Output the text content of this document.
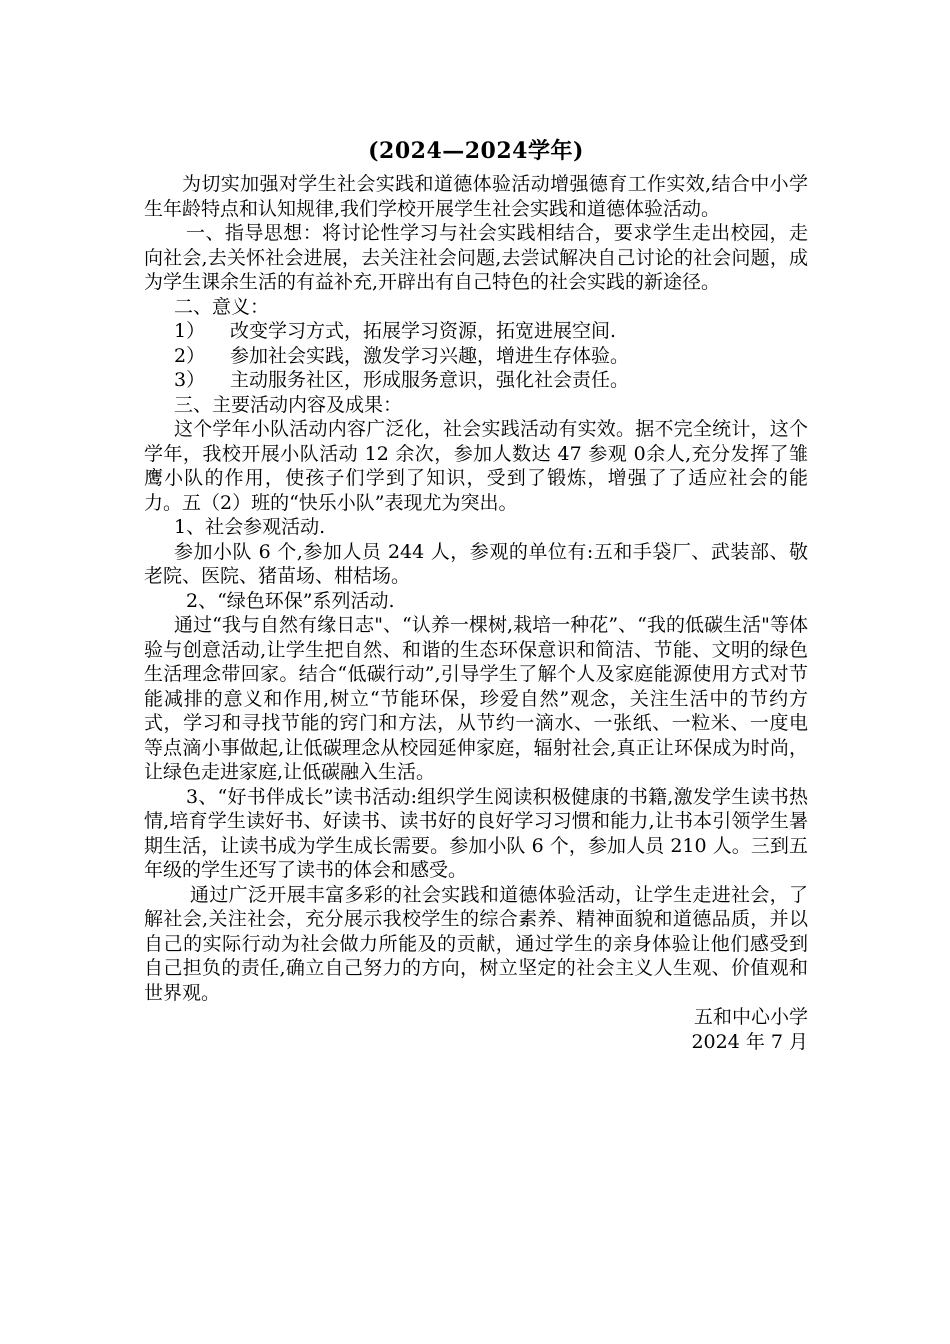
(2024—2024学年)

为切实加强对学生社会实践和道德体验活动增强德育工作实效,结合中小学生年龄特点和认知规律,我们学校开展学生社会实践和道德体验活动。

一、指导思想：将讨论性学习与社会实践相结合，要求学生走出校园，走向社会,去关怀社会进展，去关注社会问题,去尝试解决自己讨论的社会问题，成为学生课余生活的有益补充,开辟出有自己特色的社会实践的新途径。

二、意义：

1） 改变学习方式，拓展学习资源，拓宽进展空间.

2） 参加社会实践，激发学习兴趣，增进生存体验。

3） 主动服务社区，形成服务意识，强化社会责任。

三、主要活动内容及成果：

这个学年小队活动内容广泛化，社会实践活动有实效。据不完全统计，这个学年，我校开展小队活动 12 余次，参加人数达 47 参观 0余人,充分发挥了雏鹰小队的作用，使孩子们学到了知识，受到了锻炼，增强了了适应社会的能力。五（2）班的“快乐小队”表现尤为突出。

1、社会参观活动.

参加小队 6 个,参加人员 244 人，参观的单位有:五和手袋厂、武装部、敬老院、医院、猪苗场、柑桔场。

2、“绿色环保”系列活动.

通过“我与自然有缘日志"、“认养一棵树,栽培一种花”、“我的低碳生活"等体验与创意活动,让学生把自然、和谐的生态环保意识和简洁、节能、文明的绿色生活理念带回家。结合“低碳行动”,引导学生了解个人及家庭能源使用方式对节能减排的意义和作用,树立“节能环保，珍爱自然”观念，关注生活中的节约方式，学习和寻找节能的窍门和方法，从节约一滴水、一张纸、一粒米、一度电等点滴小事做起,让低碳理念从校园延伸家庭，辐射社会,真正让环保成为时尚，让绿色走进家庭,让低碳融入生活。

3、“好书伴成长”读书活动:组织学生阅读积极健康的书籍,激发学生读书热情,培育学生读好书、好读书、读书好的良好学习习惯和能力,让书本引领学生暑期生活，让读书成为学生成长需要。参加小队 6 个，参加人员 210 人。三到五年级的学生还写了读书的体会和感受。

通过广泛开展丰富多彩的社会实践和道德体验活动，让学生走进社会，了解社会,关注社会，充分展示我校学生的综合素养、精神面貌和道德品质，并以自己的实际行动为社会做力所能及的贡献，通过学生的亲身体验让他们感受到自己担负的责任,确立自己努力的方向，树立坚定的社会主义人生观、价值观和世界观。

五和中心小学

2024 年 7 月
